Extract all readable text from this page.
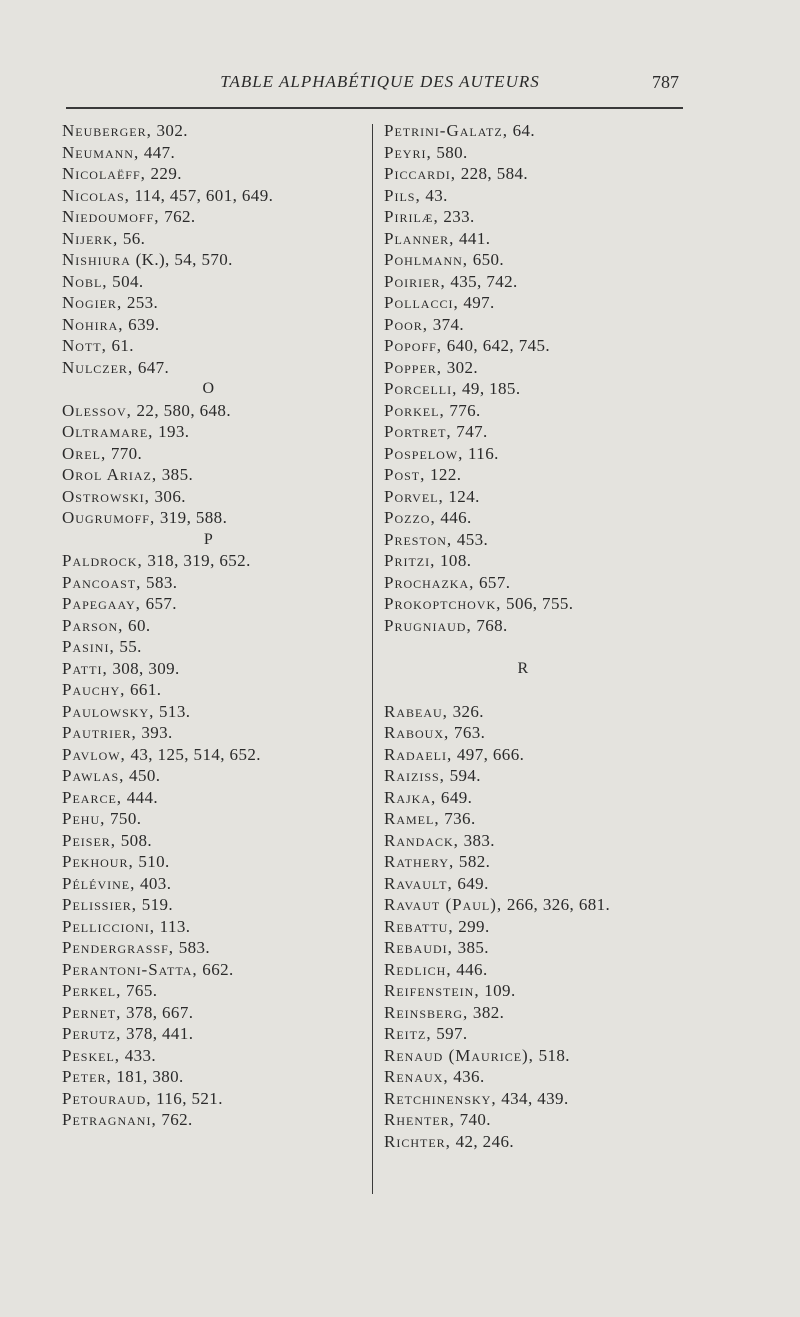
TABLE ALPHABÉTIQUE DES AUTEURS	787
Neuberger, 302.
Neumann, 447.
Nicolaëff, 229.
Nicolas, 114, 457, 601, 649.
Niedoumoff, 762.
Nijerk, 56.
Nishiura (K.), 54, 570.
Nobl, 504.
Nogier, 253.
Nohira, 639.
Nott, 61.
Nulczer, 647.
O
Olessov, 22, 580, 648.
Oltramare, 193.
Orel, 770.
Orol Ariaz, 385.
Ostrowski, 306.
Ougrumoff, 319, 588.
P
Paldrock, 318, 319, 652.
Pancoast, 583.
Papegaay, 657.
Parson, 60.
Pasini, 55.
Patti, 308, 309.
Pauchy, 661.
Paulowsky, 513.
Pautrier, 393.
Pavlow, 43, 125, 514, 652.
Pawlas, 450.
Pearce, 444.
Pehu, 750.
Peiser, 508.
Pekhour, 510.
Pélévine, 403.
Pelissier, 519.
Pelliccioni, 113.
Pendergrassf, 583.
Perantoni-Satta, 662.
Perkel, 765.
Pernet, 378, 667.
Perutz, 378, 441.
Peskel, 433.
Peter, 181, 380.
Petouraud, 116, 521.
Petragnani, 762.
Petrini-Galatz, 64.
Peyri, 580.
Piccardi, 228, 584.
Pils, 43.
Pirilæ, 233.
Planner, 441.
Pohlmann, 650.
Poirier, 435, 742.
Pollacci, 497.
Poor, 374.
Popoff, 640, 642, 745.
Popper, 302.
Porcelli, 49, 185.
Porkel, 776.
Portret, 747.
Pospelow, 116.
Post, 122.
Porvel, 124.
Pozzo, 446.
Preston, 453.
Pritzi, 108.
Prochazka, 657.
Prokoptchovk, 506, 755.
Prugniaud, 768.
R
Rabeau, 326.
Raboux, 763.
Radaeli, 497, 666.
Raiziss, 594.
Rajka, 649.
Ramel, 736.
Randack, 383.
Rathery, 582.
Ravault, 649.
Ravaut (Paul), 266, 326, 681.
Rebattu, 299.
Rebaudi, 385.
Redlich, 446.
Reifenstein, 109.
Reinsberg, 382.
Reitz, 597.
Renaud (Maurice), 518.
Renaux, 436.
Retchinensky, 434, 439.
Rhenter, 740.
Richter, 42, 246.
